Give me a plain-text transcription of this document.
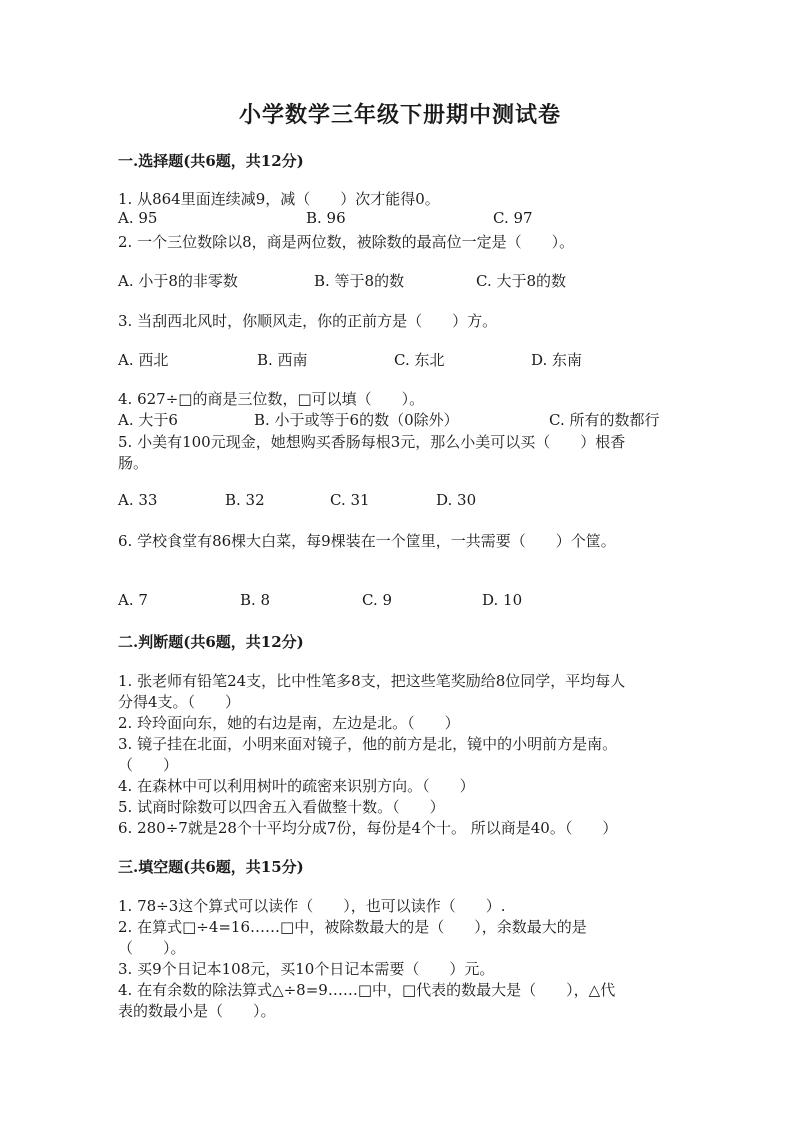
小学数学三年级下册期中测试卷
一.选择题(共6题，共12分)
1. 从864里面连续减9，减（　　）次才能得0。
A. 95	B. 96	C. 97
2. 一个三位数除以8，商是两位数，被除数的最高位一定是（　　）。
A. 小于8的非零数	B. 等于8的数	C. 大于8的数
3. 当刮西北风时，你顺风走，你的正前方是（　　）方。
A. 西北	B. 西南	C. 东北	D. 东南
4. 627÷□的商是三位数，□可以填（　　）。
A. 大于6	B. 小于或等于6的数（0除外）	C. 所有的数都行
5. 小美有100元现金，她想购买香肠每根3元，那么小美可以买（　　）根香
肠。
A. 33	B. 32	C. 31	D. 30
6. 学校食堂有86棵大白菜，每9棵装在一个筐里，一共需要（　　）个筐。
A. 7	B. 8	C. 9	D. 10
二.判断题(共6题，共12分)
1. 张老师有铅笔24支，比中性笔多8支，把这些笔奖励给8位同学，平均每人
分得4支。（　　）
2. 玲玲面向东，她的右边是南，左边是北。（　　）
3. 镜子挂在北面，小明来面对镜子，他的前方是北，镜中的小明前方是南。
（　　）
4. 在森林中可以利用树叶的疏密来识别方向。（　　）
5. 试商时除数可以四舍五入看做整十数。（　　）
6. 280÷7就是28个十平均分成7份，每份是4个十。 所以商是40。（　　）
三.填空题(共6题，共15分)
1. 78÷3这个算式可以读作（　　），也可以读作（　　）.
2. 在算式□÷4=16……□中，被除数最大的是（　　），余数最大的是
（　　）。
3. 买9个日记本108元，买10个日记本需要（　　）元。
4. 在有余数的除法算式△÷8=9……□中，□代表的数最大是（　　），△代
表的数最小是（　　）。
